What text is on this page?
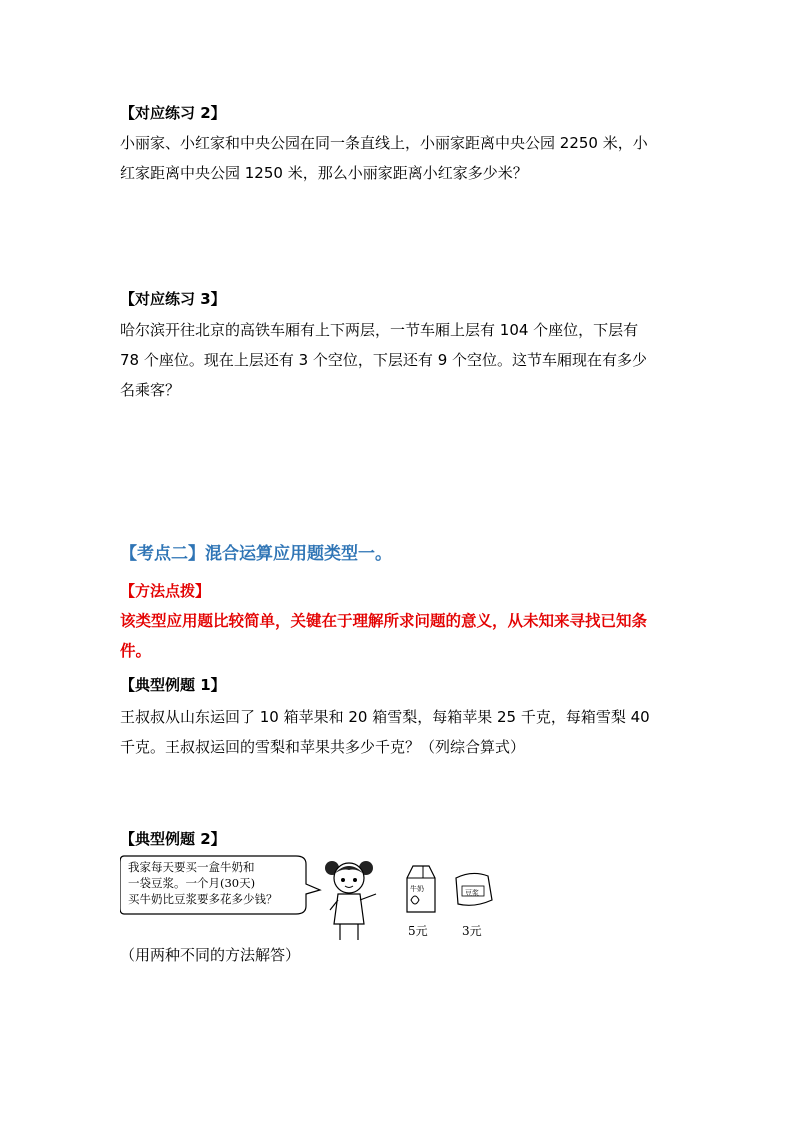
【对应练习 2】
小丽家、小红家和中央公园在同一条直线上，小丽家距离中央公园 2250 米，小
红家距离中央公园 1250 米，那么小丽家距离小红家多少米？
【对应练习 3】
哈尔滨开往北京的高铁车厢有上下两层，一节车厢上层有 104 个座位，下层有
78 个座位。现在上层还有 3 个空位，下层还有 9 个空位。这节车厢现在有多少
名乘客？
【考点二】混合运算应用题类型一。
【方法点拨】
该类型应用题比较简单，关键在于理解所求问题的意义，从未知来寻找已知条
件。
【典型例题 1】
王叔叔从山东运回了 10 箱苹果和 20 箱雪梨，每箱苹果 25 千克，每箱雪梨 40
千克。王叔叔运回的雪梨和苹果共多少千克？（列综合算式）
【典型例题 2】
我家每天要买一盒牛奶和
一袋豆浆。一个月(30天)
买牛奶比豆浆要多花多少钱？
牛奶	豆浆
5元	3元
（用两种不同的方法解答）
